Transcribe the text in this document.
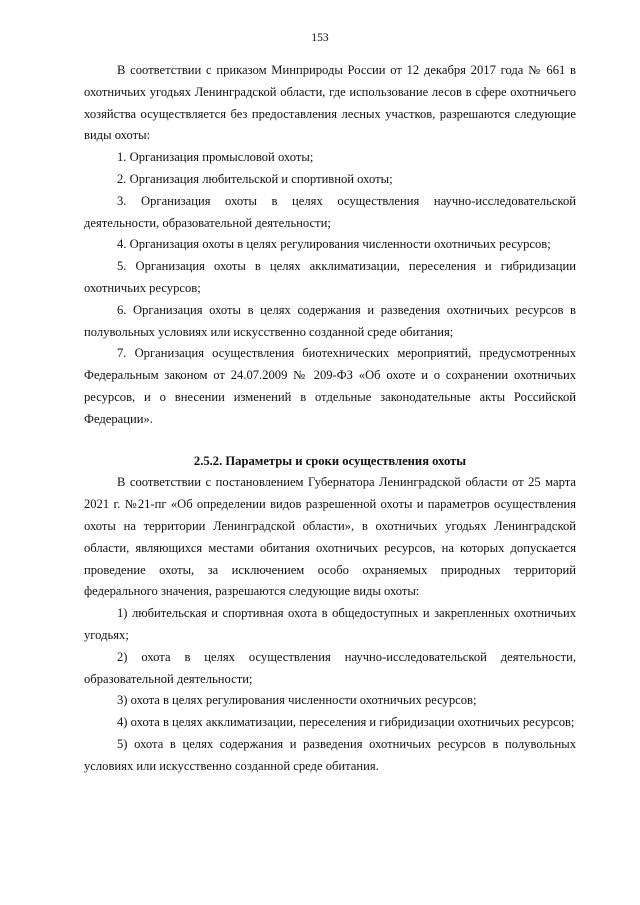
153

В соответствии с приказом Минприроды России от 12 декабря 2017 года № 661 в охотничьих угодьях Ленинградской области, где использование лесов в сфере охотничьего хозяйства осуществляется без предоставления лесных участков, разрешаются следующие виды охоты:

1. Организация промысловой охоты;

2. Организация любительской и спортивной охоты;

3. Организация охоты в целях осуществления научно-исследовательской деятельности, образовательной деятельности;

4. Организация охоты в целях регулирования численности охотничьих ресурсов;

5. Организация охоты в целях акклиматизации, переселения и гибридизации охотничьих ресурсов;

6. Организация охоты в целях содержания и разведения охотничьих ресурсов в полувольных условиях или искусственно созданной среде обитания;

7. Организация осуществления биотехнических мероприятий, предусмотренных Федеральным законом от 24.07.2009 № 209-ФЗ «Об охоте и о сохранении охотничьих ресурсов, и о внесении изменений в отдельные законодательные акты Российской Федерации».

2.5.2. Параметры и сроки осуществления охоты

В соответствии с постановлением Губернатора Ленинградской области от 25 марта 2021 г. №21-пг «Об определении видов разрешенной охоты и параметров осуществления охоты на территории Ленинградской области», в охотничьих угодьях Ленинградской области, являющихся местами обитания охотничьих ресурсов, на которых допускается проведение охоты, за исключением особо охраняемых природных территорий федерального значения, разрешаются следующие виды охоты:

1) любительская и спортивная охота в общедоступных и закрепленных охотничьих угодьях;

2) охота в целях осуществления научно-исследовательской деятельности, образовательной деятельности;

3) охота в целях регулирования численности охотничьих ресурсов;

4) охота в целях акклиматизации, переселения и гибридизации охотничьих ресурсов;

5) охота в целях содержания и разведения охотничьих ресурсов в полувольных условиях или искусственно созданной среде обитания.
